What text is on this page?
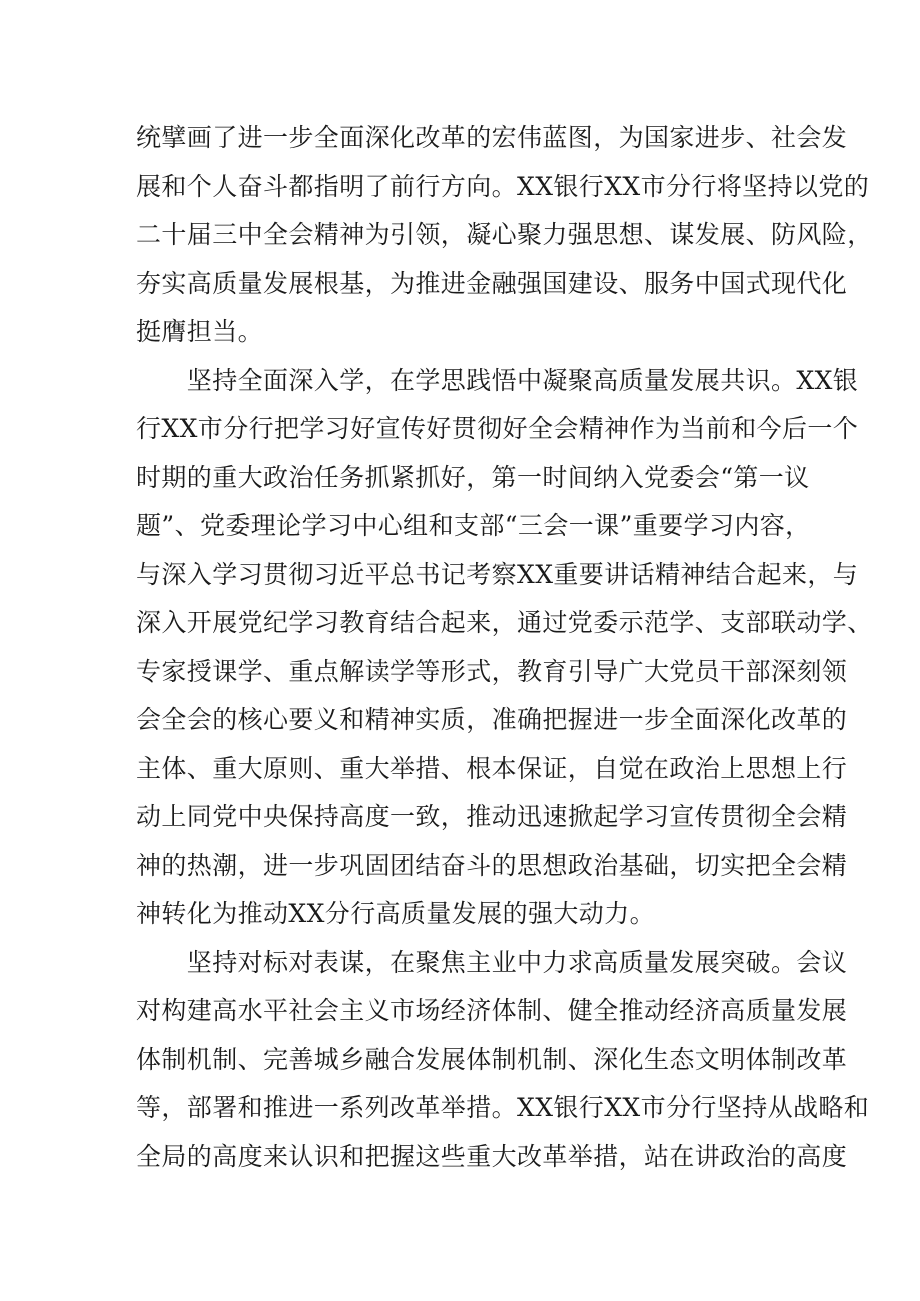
统擘画了进一步全面深化改革的宏伟蓝图，为国家进步、社会发
展和个人奋斗都指明了前行方向。XX银行XX市分行将坚持以党的
二十届三中全会精神为引领，凝心聚力强思想、谋发展、防风险，
夯实高质量发展根基，为推进金融强国建设、服务中国式现代化
挺膺担当。
　　坚持全面深入学，在学思践悟中凝聚高质量发展共识。XX银
行XX市分行把学习好宣传好贯彻好全会精神作为当前和今后一个
时期的重大政治任务抓紧抓好，第一时间纳入党委会“第一议
题”、党委理论学习中心组和支部“三会一课”重要学习内容，
与深入学习贯彻习近平总书记考察XX重要讲话精神结合起来，与
深入开展党纪学习教育结合起来，通过党委示范学、支部联动学、
专家授课学、重点解读学等形式，教育引导广大党员干部深刻领
会全会的核心要义和精神实质，准确把握进一步全面深化改革的
主体、重大原则、重大举措、根本保证，自觉在政治上思想上行
动上同党中央保持高度一致，推动迅速掀起学习宣传贯彻全会精
神的热潮，进一步巩固团结奋斗的思想政治基础，切实把全会精
神转化为推动XX分行高质量发展的强大动力。
　　坚持对标对表谋，在聚焦主业中力求高质量发展突破。会议
对构建高水平社会主义市场经济体制、健全推动经济高质量发展
体制机制、完善城乡融合发展体制机制、深化生态文明体制改革
等，部署和推进一系列改革举措。XX银行XX市分行坚持从战略和
全局的高度来认识和把握这些重大改革举措，站在讲政治的高度
